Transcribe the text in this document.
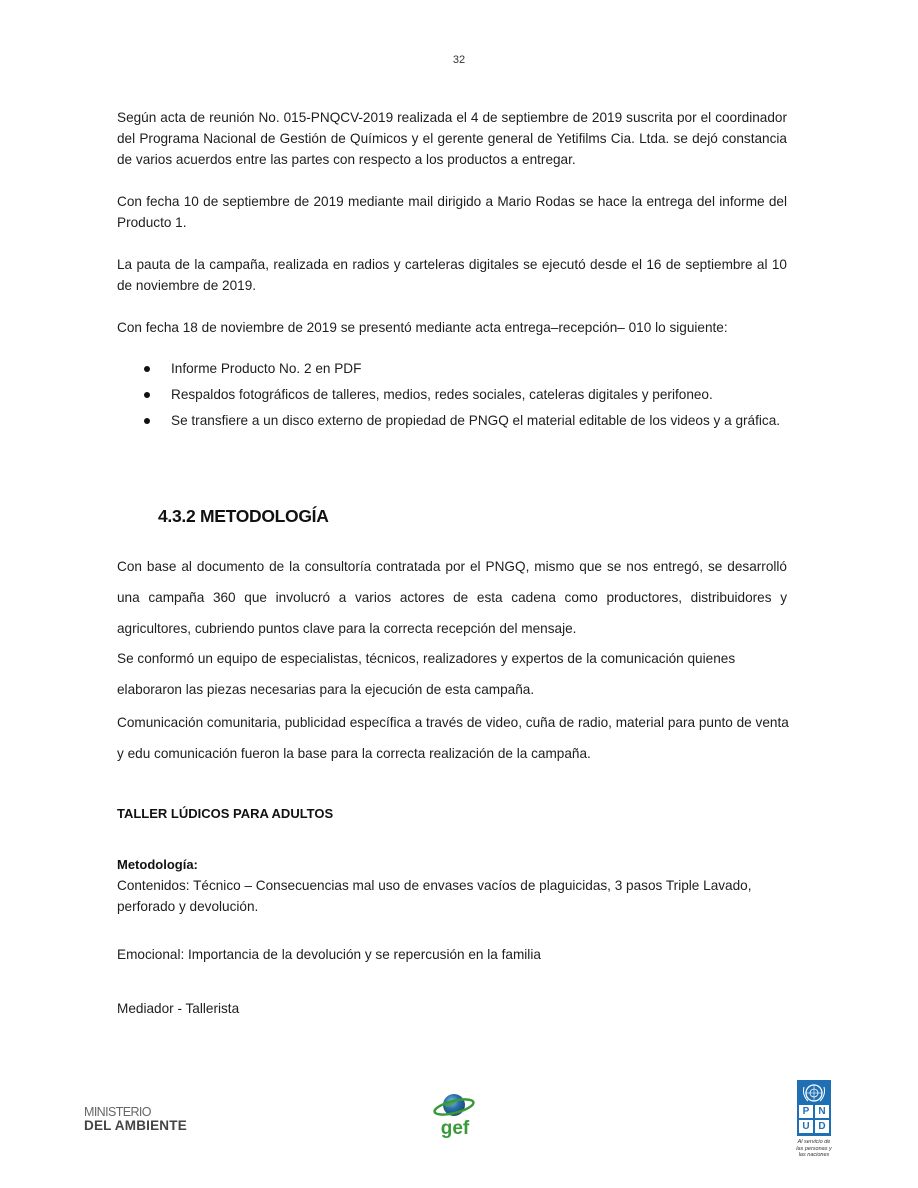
32
Según acta de reunión No. 015-PNQCV-2019 realizada el 4 de septiembre de 2019 suscrita por el coordinador del Programa Nacional de Gestión de Químicos y el gerente general de Yetifilms Cia. Ltda. se dejó constancia de varios acuerdos entre las partes con respecto a los productos a entregar.
Con fecha 10 de septiembre de 2019 mediante mail dirigido a Mario Rodas se hace la entrega del informe del Producto 1.
La pauta de la campaña, realizada en radios y carteleras digitales se ejecutó desde el 16 de septiembre al 10 de noviembre de 2019.
Con fecha 18 de noviembre de 2019 se presentó mediante acta entrega–recepción– 010 lo siguiente:
Informe Producto No. 2 en PDF
Respaldos fotográficos de talleres, medios, redes sociales, cateleras digitales y perifoneo.
Se transfiere a un disco externo de propiedad de PNGQ el material editable de los videos y a gráfica.
4.3.2 METODOLOGÍA
Con base al documento de la consultoría contratada por el PNGQ, mismo que se nos entregó, se desarrolló una campaña 360 que involucró a varios actores de esta cadena como productores, distribuidores y agricultores, cubriendo puntos clave para la correcta recepción del mensaje.
Se conformó un equipo de especialistas, técnicos, realizadores y expertos de la comunicación quienes elaboraron las piezas necesarias para la ejecución de esta campaña.
Comunicación comunitaria, publicidad específica a través de video, cuña de radio, material para punto de venta y edu comunicación fueron la base para la correcta realización de la campaña.
TALLER LÚDICOS PARA ADULTOS
Metodología:
Contenidos: Técnico – Consecuencias mal uso de envases vacíos de plaguicidas, 3 pasos Triple Lavado, perforado y devolución.
Emocional: Importancia de la devolución y se repercusión en la familia
Mediador - Tallerista
MINISTERIO
DEL AMBIENTE	gef
P N
U D
Al servicio de las personas y las naciones
